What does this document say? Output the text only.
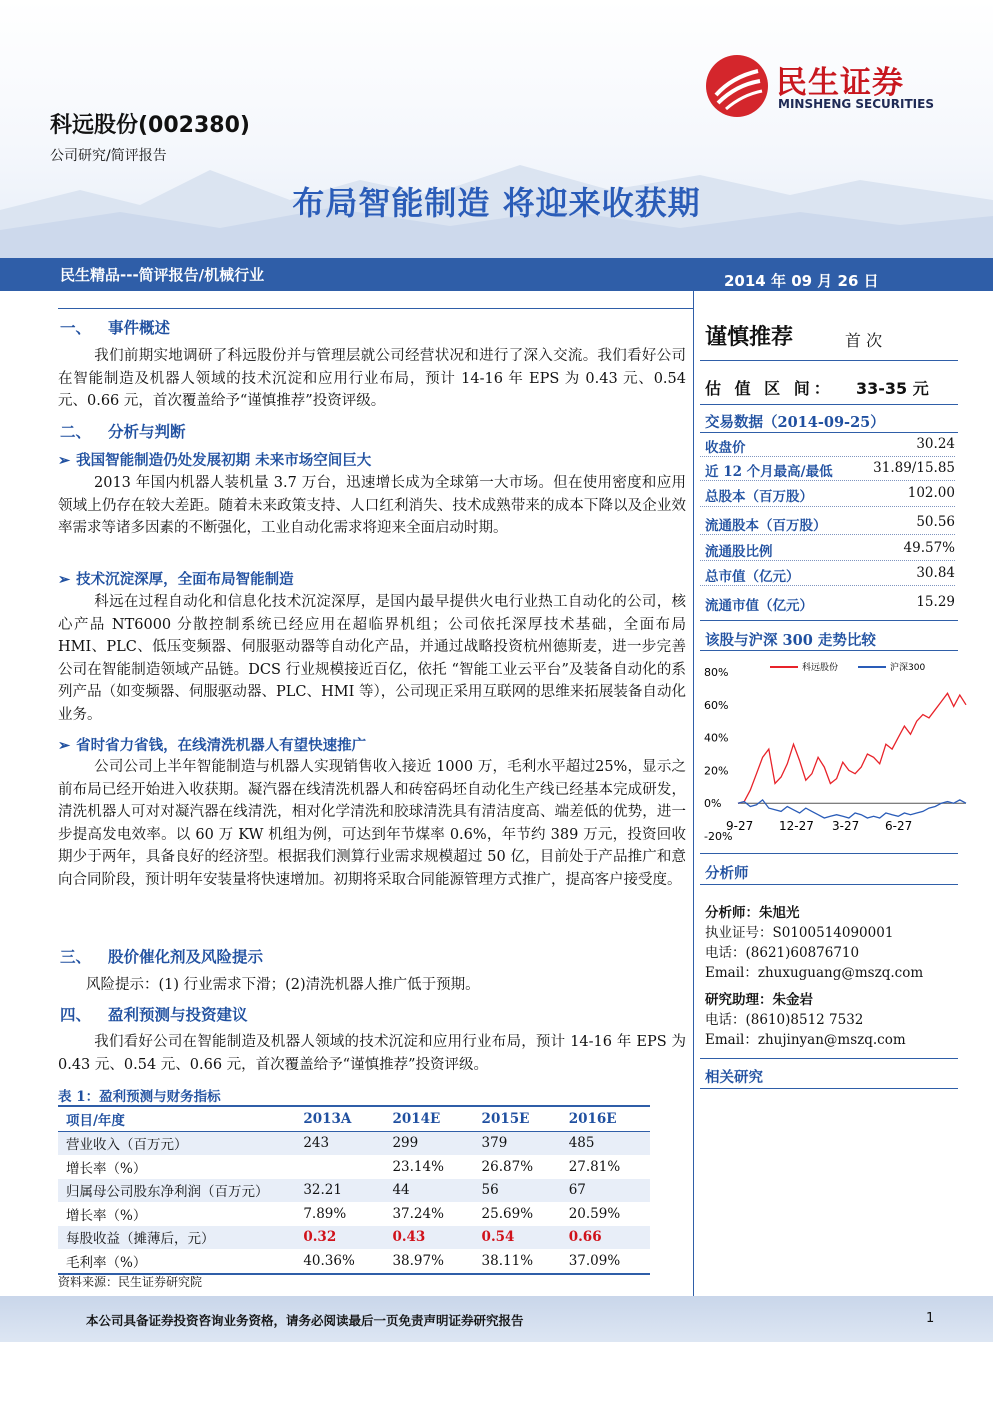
民生证券
MINSHENG SECURITIES
科远股份(002380)
公司研究/简评报告
布局智能制造 将迎来收获期
民生精品---简评报告/机械行业	2014 年 09 月 26 日
一、 事件概述
我们前期实地调研了科远股份并与管理层就公司经营状况和进行了深入交流。我们看好公司在智能制造及机器人领域的技术沉淀和应用行业布局，预计 14-16 年 EPS 为 0.43 元、0.54 元、0.66 元，首次覆盖给予“谨慎推荐”投资评级。
二、 分析与判断
➢ 我国智能制造仍处发展初期 未来市场空间巨大
2013 年国内机器人装机量 3.7 万台，迅速增长成为全球第一大市场。但在使用密度和应用领域上仍存在较大差距。随着未来政策支持、人口红利消失、技术成熟带来的成本下降以及企业效率需求等诸多因素的不断强化，工业自动化需求将迎来全面启动时期。
➢ 技术沉淀深厚，全面布局智能制造
科远在过程自动化和信息化技术沉淀深厚，是国内最早提供火电行业热工自动化的公司，核心产品 NT6000 分散控制系统已经应用在超临界机组；公司依托深厚技术基础，全面布局 HMI、PLC、低压变频器、伺服驱动器等自动化产品，并通过战略投资杭州德斯麦，进一步完善公司在智能制造领域产品链。DCS 行业规模接近百亿，依托 “智能工业云平台”及装备自动化的系列产品（如变频器、伺服驱动器、PLC、HMI 等），公司现正采用互联网的思维来拓展装备自动化业务。
➢ 省时省力省钱，在线清洗机器人有望快速推广
公司公司上半年智能制造与机器人实现销售收入接近 1000 万，毛利水平超过25%，显示之前布局已经开始进入收获期。凝汽器在线清洗机器人和砖窑码坯自动化生产线已经基本完成研发，清洗机器人可对对凝汽器在线清洗，相对化学清洗和胶球清洗具有清洁度高、端差低的优势，进一步提高发电效率。以 60 万 KW 机组为例，可达到年节煤率 0.6%，年节约 389 万元，投资回收期少于两年，具备良好的经济型。根据我们测算行业需求规模超过 50 亿，目前处于产品推广和意向合同阶段，预计明年安装量将快速增加。初期将采取合同能源管理方式推广，提高客户接受度。
三、 股价催化剂及风险提示
风险提示：(1) 行业需求下滑；(2)清洗机器人推广低于预期。
四、 盈利预测与投资建议
我们看好公司在智能制造及机器人领域的技术沉淀和应用行业布局，预计 14-16 年 EPS 为 0.43 元、0.54 元、0.66 元，首次覆盖给予“谨慎推荐”投资评级。
表 1：盈利预测与财务指标
项目/年度	2013A	2014E	2015E	2016E
营业收入（百万元）	243	299	379	485
增长率（%）		23.14%	26.87%	27.81%
归属母公司股东净利润（百万元）	32.21	44	56	67
增长率（%）	7.89%	37.24%	25.69%	20.59%
每股收益（摊薄后，元）	0.32	0.43	0.54	0.66
毛利率（%）	40.36%	38.97%	38.11%	37.09%
资料来源：民生证券研究院
谨慎推荐	首 次
估 值 区 间： 33-35 元
交易数据（2014-09-25）
收盘价	30.24
近 12 个月最高/最低	31.89/15.85
总股本（百万股）	102.00
流通股本（百万股）	50.56
流通股比例	49.57%
总市值（亿元）	30.84
流通市值（亿元）	15.29
该股与沪深 300 走势比较
80%
60%
40%
20%
0%
-20%
9-27 12-27 3-27 6-27
科远股份	沪深300
分析师
分析师：朱旭光
执业证号：S0100514090001
电话：(8621)60876710
Email：zhuxuguang@mszq.com
研究助理：朱金岩
电话：(8610)8512 7532
Email：zhujinyan@mszq.com
相关研究
本公司具备证券投资咨询业务资格，请务必阅读最后一页免责声明证券研究报告	1
